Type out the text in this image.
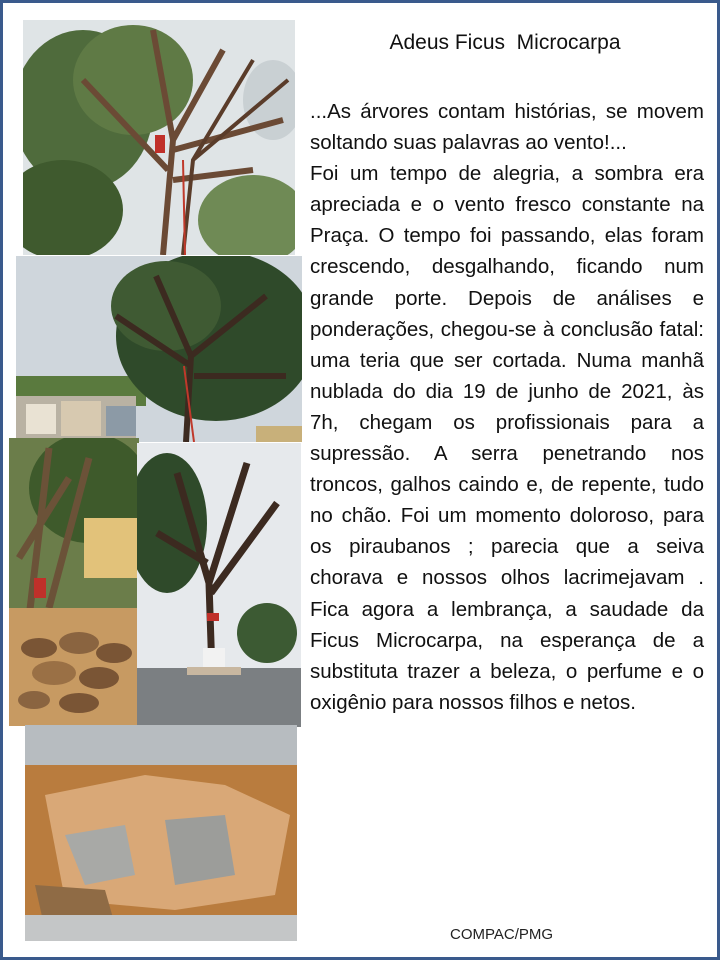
Adeus Ficus  Microcarpa

...As árvores contam histórias, se movem soltando suas palavras ao vento!...

Foi um tempo de alegria, a sombra era apreciada e o vento fresco constante na Praça. O tempo foi passando, elas foram crescendo, desgalhando, ficando num grande porte. Depois de análises e ponderações, chegou-se à conclusão fatal: uma teria que ser cortada. Numa manhã nublada do dia 19 de junho de 2021, às 7h, chegam os profissionais para a supressão. A serra penetrando nos troncos, galhos caindo e, de repente, tudo no chão. Foi um momento doloroso, para os piraubanos ; parecia que a seiva chorava e nossos olhos lacrimejavam . Fica agora a lembrança, a saudade da Ficus Microcarpa, na esperança de a substituta trazer a beleza, o perfume e o oxigênio para nossos filhos e netos.

COMPAC/PMG
